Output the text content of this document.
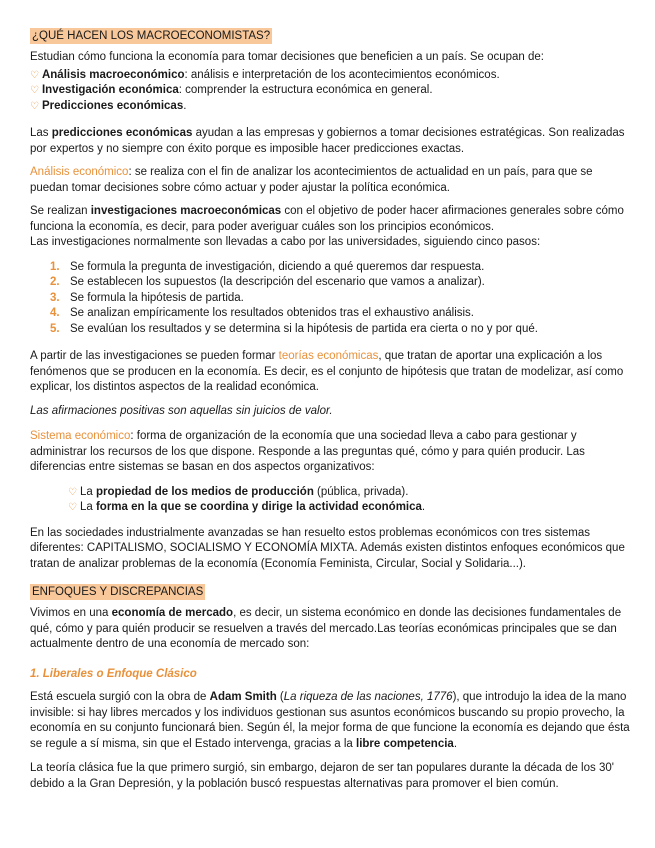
¿QUÉ HACEN LOS MACROECONOMISTAS?

Estudian cómo funciona la economía para tomar decisiones que beneficien a un país. Se ocupan de:

♡ Análisis macroeconómico: análisis e interpretación de los acontecimientos económicos.
♡ Investigación económica: comprender la estructura económica en general.
♡ Predicciones económicas.

Las predicciones económicas ayudan a las empresas y gobiernos a tomar decisiones estratégicas. Son realizadas por expertos y no siempre con éxito porque es imposible hacer predicciones exactas.

Análisis económico: se realiza con el fin de analizar los acontecimientos de actualidad en un país, para que se puedan tomar decisiones sobre cómo actuar y poder ajustar la política económica.

Se realizan investigaciones macroeconómicas con el objetivo de poder hacer afirmaciones generales sobre cómo funciona la economía, es decir, para poder averiguar cuáles son los principios económicos.
Las investigaciones normalmente son llevadas a cabo por las universidades, siguiendo cinco pasos:

1. Se formula la pregunta de investigación, diciendo a qué queremos dar respuesta.
2. Se establecen los supuestos (la descripción del escenario que vamos a analizar).
3. Se formula la hipótesis de partida.
4. Se analizan empíricamente los resultados obtenidos tras el exhaustivo análisis.
5. Se evalúan los resultados y se determina si la hipótesis de partida era cierta o no y por qué.

A partir de las investigaciones se pueden formar teorías económicas, que tratan de aportar una explicación a los fenómenos que se producen en la economía. Es decir, es el conjunto de hipótesis que tratan de modelizar, así como explicar, los distintos aspectos de la realidad económica.

Las afirmaciones positivas son aquellas sin juicios de valor.

Sistema económico: forma de organización de la economía que una sociedad lleva a cabo para gestionar y administrar los recursos de los que dispone. Responde a las preguntas qué, cómo y para quién producir. Las diferencias entre sistemas se basan en dos aspectos organizativos:

♡ La propiedad de los medios de producción (pública, privada).
♡ La forma en la que se coordina y dirige la actividad económica.

En las sociedades industrialmente avanzadas se han resuelto estos problemas económicos con tres sistemas diferentes: CAPITALISMO, SOCIALISMO Y ECONOMÍA MIXTA. Además existen distintos enfoques económicos que tratan de analizar problemas de la economía (Economía Feminista, Circular, Social y Solidaria...).

ENFOQUES Y DISCREPANCIAS

Vivimos en una economía de mercado, es decir, un sistema económico en donde las decisiones fundamentales de qué, cómo y para quién producir se resuelven a través del mercado.Las teorías económicas principales que se dan actualmente dentro de una economía de mercado son:

1. Liberales o Enfoque Clásico

Está escuela surgió con la obra de Adam Smith (La riqueza de las naciones, 1776), que introdujo la idea de la mano invisible: si hay libres mercados y los individuos gestionan sus asuntos económicos buscando su propio provecho, la economía en su conjunto funcionará bien. Según él, la mejor forma de que funcione la economía es dejando que ésta se regule a sí misma, sin que el Estado intervenga, gracias a la libre competencia.

La teoría clásica fue la que primero surgió, sin embargo, dejaron de ser tan populares durante la década de los 30' debido a la Gran Depresión, y la población buscó respuestas alternativas para promover el bien común.
